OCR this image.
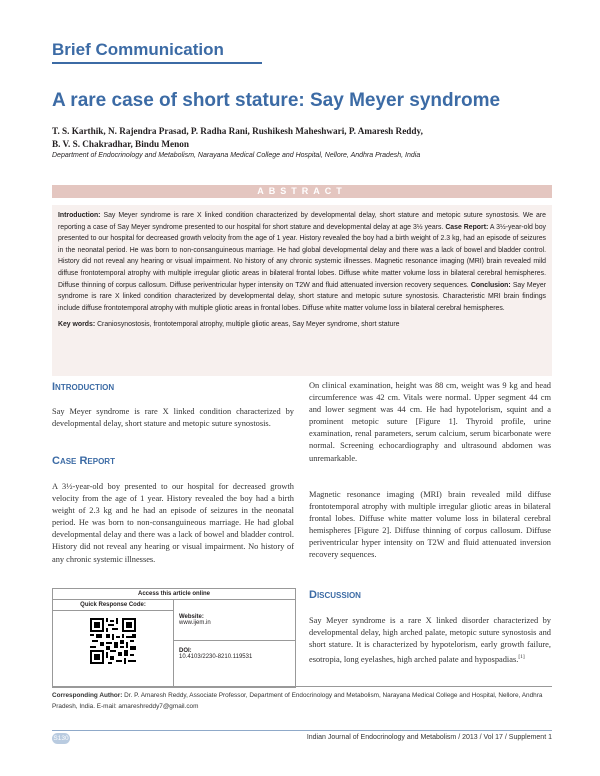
Brief Communication
A rare case of short stature: Say Meyer syndrome
T. S. Karthik, N. Rajendra Prasad, P. Radha Rani, Rushikesh Maheshwari, P. Amaresh Reddy,
B. V. S. Chakradhar, Bindu Menon
Department of Endocrinology and Metabolism, Narayana Medical College and Hospital, Nellore, Andhra Pradesh, India
ABSTRACT
Introduction: Say Meyer syndrome is rare X linked condition characterized by developmental delay, short stature and metopic suture synostosis. We are reporting a case of Say Meyer syndrome presented to our hospital for short stature and developmental delay at age 3½ years. Case Report: A 3½-year-old boy presented to our hospital for decreased growth velocity from the age of 1 year. History revealed the boy had a birth weight of 2.3 kg, had an episode of seizures in the neonatal period. He was born to non-consanguineous marriage. He had global developmental delay and there was a lack of bowel and bladder control. History did not reveal any hearing or visual impairment. No history of any chronic systemic illnesses. Magnetic resonance imaging (MRI) brain revealed mild diffuse frontotemporal atrophy with multiple irregular gliotic areas in bilateral frontal lobes. Diffuse white matter volume loss in bilateral cerebral hemispheres. Diffuse thinning of corpus callosum. Diffuse periventricular hyper intensity on T2W and fluid attenuated inversion recovery sequences. Conclusion: Say Meyer syndrome is rare X linked condition characterized by developmental delay, short stature and metopic suture synostosis. Characteristic MRI brain findings include diffuse frontotemporal atrophy with multiple gliotic areas in frontal lobes. Diffuse white matter volume loss in bilateral cerebral hemispheres.
Key words: Craniosynostosis, frontotemporal atrophy, multiple gliotic areas, Say Meyer syndrome, short stature
Introduction
Say Meyer syndrome is rare X linked condition characterized by developmental delay, short stature and metopic suture synostosis.
Case Report
A 3½-year-old boy presented to our hospital for decreased growth velocity from the age of 1 year. History revealed the boy had a birth weight of 2.3 kg and he had an episode of seizures in the neonatal period. He was born to non-consanguineous marriage. He had global developmental delay and there was a lack of bowel and bladder control. History did not reveal any hearing or visual impairment. No history of any chronic systemic illnesses.
Access this article online
Quick Response Code:
Website:
www.ijem.in
DOI:
10.4103/2230-8210.119531
On clinical examination, height was 88 cm, weight was 9 kg and head circumference was 42 cm. Vitals were normal. Upper segment 44 cm and lower segment was 44 cm. He had hypotelorism, squint and a prominent metopic suture [Figure 1]. Thyroid profile, urine examination, renal parameters, serum calcium, serum bicarbonate were normal. Screening echocardiography and ultrasound abdomen was unremarkable.
Magnetic resonance imaging (MRI) brain revealed mild diffuse frontotemporal atrophy with multiple irregular gliotic areas in bilateral frontal lobes. Diffuse white matter volume loss in bilateral cerebral hemispheres [Figure 2]. Diffuse thinning of corpus callosum. Diffuse periventricular hyper intensity on T2W and fluid attenuated inversion recovery sequences.
Discussion
Say Meyer syndrome is a rare X linked disorder characterized by developmental delay, high arched palate, metopic suture synostosis and short stature. It is characterized by hypotelorism, early growth failure, esotropia, long eyelashes, high arched palate and hypospadias.[1]
Corresponding Author: Dr. P. Amaresh Reddy, Associate Professor, Department of Endocrinology and Metabolism, Narayana Medical College and Hospital, Nellore, Andhra Pradesh, India. E-mail: amareshreddy7@gmail.com
S130	Indian Journal of Endocrinology and Metabolism / 2013 / Vol 17 / Supplement 1
